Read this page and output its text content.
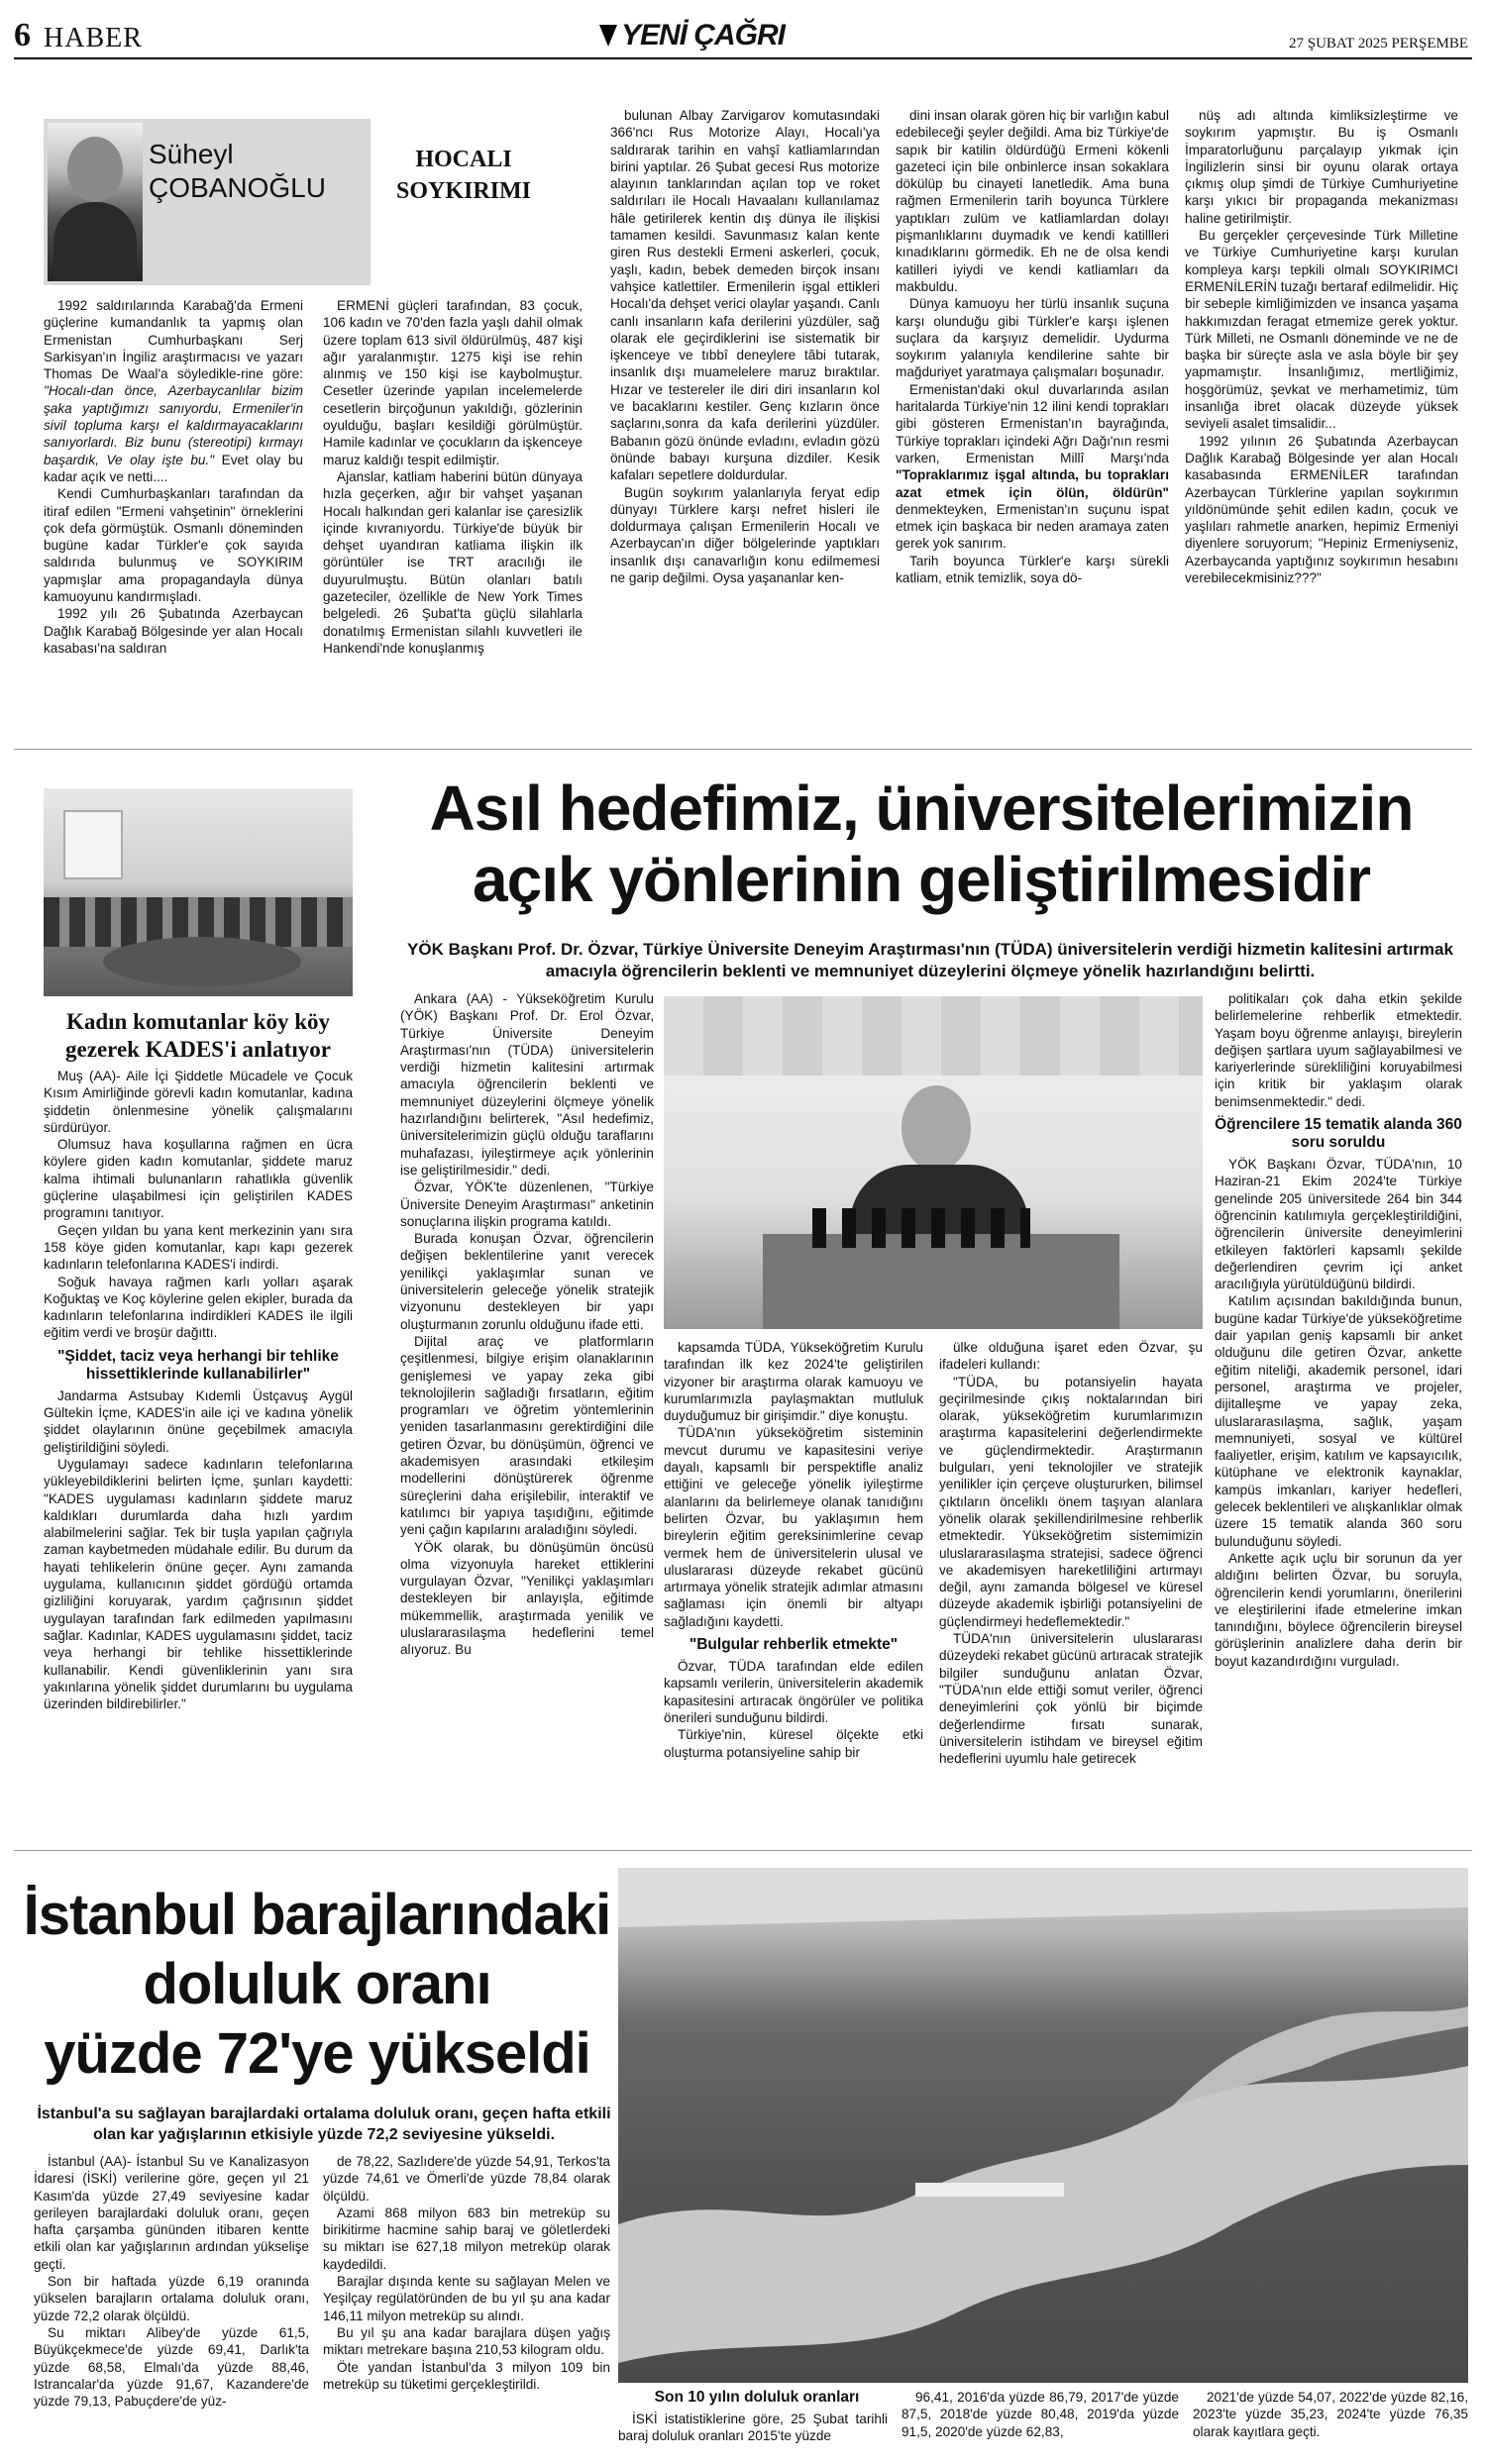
6 HABER	YENİ ÇAĞRI	27 ŞUBAT 2025 PERŞEMBE
Süheyl
ÇOBANOĞLU
HOCALI
SOYKIRIMI

1992 saldırılarında Karabağ'da Ermeni güçlerine kumandanlık ta yapmış olan Ermenistan Cumhurbaşkanı Serj Sarkisyan'ın İngiliz araştırmacısı ve yazarı Thomas De Waal'a söyledikle-rine göre: "Hocalı-dan önce, Azerbaycanlılar bizim şaka yaptığımızı sanıyordu, Ermeniler'in sivil topluma karşı el kaldırmayacaklarını sanıyorlardı. Biz bunu (stereotipi) kırmayı başardık, Ve olay işte bu." Evet olay bu kadar açık ve netti....

Kendi Cumhurbaşkanları tarafından da itiraf edilen "Ermeni vahşetinin" örneklerini çok defa görmüştük. Osmanlı döneminden bugüne kadar Türkler'e çok sayıda saldırıda bulunmuş ve SOYKIRIM yapmışlar ama propagandayla dünya kamuoyunu kandırmışladı.

1992 yılı 26 Şubatında Azerbaycan Dağlık Karabağ Bölgesinde yer alan Hocalı kasabası'na saldıran

ERMENİ güçleri tarafından, 83 çocuk, 106 kadın ve 70'den fazla yaşlı dahil olmak üzere toplam 613 sivil öldürülmüş, 487 kişi ağır yaralanmıştır. 1275 kişi ise rehin alınmış ve 150 kişi ise kaybolmuştur. Cesetler üzerinde yapılan incelemelerde cesetlerin birçoğunun yakıldığı, gözlerinin oyulduğu, başları kesildiği görülmüştür. Hamile kadınlar ve çocukların da işkenceye maruz kaldığı tespit edilmiştir.

Ajanslar, katliam haberini bütün dünyaya hızla geçerken, ağır bir vahşet yaşanan Hocalı halkından geri kalanlar ise çaresizlik içinde kıvranıyordu. Türkiye'de büyük bir dehşet uyandıran katliama ilişkin ilk görüntüler ise TRT aracılığı ile duyurulmuştu. Bütün olanları batılı gazeteciler, özellikle de New York Times belgeledi. 26 Şubat'ta güçlü silahlarla donatılmış Ermenistan silahlı kuvvetleri ile Hankendi'nde konuşlanmış

bulunan Albay Zarvigarov komutasındaki 366'ncı Rus Motorize Alayı, Hocalı'ya saldırarak tarihin en vahşî katliamlarından birini yaptılar. 26 Şubat gecesi Rus motorize alayının tanklarından açılan top ve roket saldırıları ile Hocalı Havaalanı kullanılamaz hâle getirilerek kentin dış dünya ile ilişkisi tamamen kesildi. Savunmasız kalan kente giren Rus destekli Ermeni askerleri, çocuk, yaşlı, kadın, bebek demeden birçok insanı vahşice katlettiler. Ermenilerin işgal ettikleri Hocalı'da dehşet verici olaylar yaşandı. Canlı canlı insanların kafa derilerini yüzdüler, sağ olarak ele geçirdiklerini ise sistematik bir işkenceye ve tıbbî deneylere tâbi tutarak, insanlık dışı muamelelere maruz bıraktılar. Hızar ve testereler ile diri diri insanların kol ve bacaklarını kestiler. Genç kızların önce saçlarını,sonra da kafa derilerini yüzdüler. Babanın gözü önünde evladını, evladın gözü önünde babayı kurşuna dizdiler. Kesik kafaları sepetlere doldurdular.

Bugün soykırım yalanlarıyla feryat edip dünyayı Türklere karşı nefret hisleri ile doldurmaya çalışan Ermenilerin Hocalı ve Azerbaycan'ın diğer bölgelerinde yaptıkları insanlık dışı canavarlığın konu edilmemesi ne garip değilmi. Oysa yaşananlar ken-

dini insan olarak gören hiç bir varlığın kabul edebileceği şeyler değildi. Ama biz Türkiye'de sapık bir katilin öldürdüğü Ermeni kökenli gazeteci için bile onbinlerce insan sokaklara dökülüp bu cinayeti lanetledik. Ama buna rağmen Ermenilerin tarih boyunca Türklere yaptıkları zulüm ve katliamlardan dolayı pişmanlıklarını duymadık ve kendi katillleri kınadıklarını görmedik. Eh ne de olsa kendi katilleri iyiydi ve kendi katliamları da makbuldu.

Dünya kamuoyu her türlü insanlık suçuna karşı olunduğu gibi Türkler'e karşı işlenen suçlara da karşıyız demelidir. Uydurma soykırım yalanıyla kendilerine sahte bir mağduriyet yaratmaya çalışmaları boşunadır.

Ermenistan'daki okul duvarlarında asılan haritalarda Türkiye'nin 12 ilini kendi toprakları gibi gösteren Ermenistan'ın bayrağında, Türkiye toprakları içindeki Ağrı Dağı'nın resmi varken, Ermenistan Millî Marşı'nda "Topraklarımız işgal altında, bu toprakları azat etmek için ölün, öldürün" denmekteyken, Ermenistan'ın suçunu ispat etmek için başkaca bir neden aramaya zaten gerek yok sanırım.

Tarih boyunca Türkler'e karşı sürekli katliam, etnik temizlik, soya dö-

nüş adı altında kimliksizleştirme ve soykırım yapmıştır. Bu iş Osmanlı İmparatorluğunu parçalayıp yıkmak için İngilizlerin sinsi bir oyunu olarak ortaya çıkmış olup şimdi de Türkiye Cumhuriyetine karşı yıkıcı bir propaganda mekanizması haline getirilmiştir.

Bu gerçekler çerçevesinde Türk Milletine ve Türkiye Cumhuriyetine karşı kurulan kompleya karşı tepkili olmalı SOYKIRIMCI ERMENİLERİN tuzağı bertaraf edilmelidir. Hiç bir sebeple kimliğimizden ve insanca yaşama hakkımızdan feragat etmemize gerek yoktur. Türk Milleti, ne Osmanlı döneminde ve ne de başka bir süreçte asla ve asla böyle bir şey yapmamıştır. İnsanlığımız, mertliğimiz, hoşgörümüz, şevkat ve merhametimiz, tüm insanlığa ibret olacak düzeyde yüksek seviyeli asalet timsalidir...

1992 yılının 26 Şubatında Azerbaycan Dağlık Karabağ Bölgesinde yer alan Hocalı kasabasında ERMENİLER tarafından Azerbaycan Türklerine yapılan soykırımın yıldönümünde şehit edilen kadın, çocuk ve yaşlıları rahmetle anarken, hepimiz Ermeniyi diyenlere soruyorum; "Hepiniz Ermeniyseniz, Azerbaycanda yaptığınız soykırımın hesabını verebilecekmisiniz???"

Kadın komutanlar köy köy gezerek KADES'i anlatıyor

Muş (AA)- Aile İçi Şiddetle Mücadele ve Çocuk Kısım Amirliğinde görevli kadın komutanlar, kadına şiddetin önlenmesine yönelik çalışmalarını sürdürüyor.

Olumsuz hava koşullarına rağmen en ücra köylere giden kadın komutanlar, şiddete maruz kalma ihtimali bulunanların rahatlıkla güvenlik güçlerine ulaşabilmesi için geliştirilen KADES programını tanıtıyor.

Geçen yıldan bu yana kent merkezinin yanı sıra 158 köye giden komutanlar, kapı kapı gezerek kadınların telefonlarına KADES'i indirdi.

Soğuk havaya rağmen karlı yolları aşarak Koğuktaş ve Koç köylerine gelen ekipler, burada da kadınların telefonlarına indirdikleri KADES ile ilgili eğitim verdi ve broşür dağıttı.

"Şiddet, taciz veya herhangi bir tehlike hissettiklerinde kullanabilirler"

Jandarma Astsubay Kıdemli Üstçavuş Aygül Gültekin İçme, KADES'in aile içi ve kadına yönelik şiddet olaylarının önüne geçebilmek amacıyla geliştirildiğini söyledi.

Uygulamayı sadece kadınların telefonlarına yükleyebildiklerini belirten İçme, şunları kaydetti: "KADES uygulaması kadınların şiddete maruz kaldıkları durumlarda daha hızlı yardım alabilmelerini sağlar. Tek bir tuşla yapılan çağrıyla zaman kaybetmeden müdahale edilir. Bu durum da hayati tehlikelerin önüne geçer. Aynı zamanda uygulama, kullanıcının şiddet gördüğü ortamda gizliliğini koruyarak, yardım çağrısının şiddet uygulayan tarafından fark edilmeden yapılmasını sağlar. Kadınlar, KADES uygulamasını şiddet, taciz veya herhangi bir tehlike hissettiklerinde kullanabilir. Kendi güvenliklerinin yanı sıra yakınlarına yönelik şiddet durumlarını bu uygulama üzerinden bildirebilirler."

Asıl hedefimiz, üniversitelerimizin
açık yönlerinin geliştirilmesidir
YÖK Başkanı Prof. Dr. Özvar, Türkiye Üniversite Deneyim Araştırması'nın (TÜDA) üniversitelerin verdiği hizmetin kalitesini artırmak amacıyla öğrencilerin beklenti ve memnuniyet düzeylerini ölçmeye yönelik hazırlandığını belirtti.

Ankara (AA) - Yükseköğretim Kurulu (YÖK) Başkanı Prof. Dr. Erol Özvar, Türkiye Üniversite Deneyim Araştırması'nın (TÜDA) üniversitelerin verdiği hizmetin kalitesini artırmak amacıyla öğrencilerin beklenti ve memnuniyet düzeylerini ölçmeye yönelik hazırlandığını belirterek, "Asıl hedefimiz, üniversitelerimizin güçlü olduğu taraflarını muhafazası, iyileştirmeye açık yönlerinin ise geliştirilmesidir." dedi.

Özvar, YÖK'te düzenlenen, "Türkiye Üniversite Deneyim Araştırması" anketinin sonuçlarına ilişkin programa katıldı.

Burada konuşan Özvar, öğrencilerin değişen beklentilerine yanıt verecek yenilikçi yaklaşımlar sunan ve üniversitelerin geleceğe yönelik stratejik vizyonunu destekleyen bir yapı oluşturmanın zorunlu olduğunu ifade etti.

Dijital araç ve platformların çeşitlenmesi, bilgiye erişim olanaklarının genişlemesi ve yapay zeka gibi teknolojilerin sağladığı fırsatların, eğitim programları ve öğretim yöntemlerinin yeniden tasarlanmasını gerektirdiğini dile getiren Özvar, bu dönüşümün, öğrenci ve akademisyen arasındaki etkileşim modellerini dönüştürerek öğrenme süreçlerini daha erişilebilir, interaktif ve katılımcı bir yapıya taşıdığını, eğitimde yeni çağın kapılarını araladığını söyledi.

YÖK olarak, bu dönüşümün öncüsü olma vizyonuyla hareket ettiklerini vurgulayan Özvar, "Yenilikçi yaklaşımları destekleyen bir anlayışla, eğitimde mükemmellik, araştırmada yenilik ve uluslararasılaşma hedeflerini temel alıyoruz. Bu

kapsamda TÜDA, Yükseköğretim Kurulu tarafından ilk kez 2024'te geliştirilen vizyoner bir araştırma olarak kamuoyu ve kurumlarımızla paylaşmaktan mutluluk duyduğumuz bir girişimdir." diye konuştu.

TÜDA'nın yükseköğretim sisteminin mevcut durumu ve kapasitesini veriye dayalı, kapsamlı bir perspektifle analiz ettiğini ve geleceğe yönelik iyileştirme alanlarını da belirlemeye olanak tanıdığını belirten Özvar, bu yaklaşımın hem bireylerin eğitim gereksinimlerine cevap vermek hem de üniversitelerin ulusal ve uluslararası düzeyde rekabet gücünü artırmaya yönelik stratejik adımlar atmasını sağlaması için önemli bir altyapı sağladığını kaydetti.

"Bulgular rehberlik etmekte"

Özvar, TÜDA tarafından elde edilen kapsamlı verilerin, üniversitelerin akademik kapasitesini artıracak öngörüler ve politika önerileri sunduğunu bildirdi.

Türkiye'nin, küresel ölçekte etki oluşturma potansiyeline sahip bir

ülke olduğuna işaret eden Özvar, şu ifadeleri kullandı:

"TÜDA, bu potansiyelin hayata geçirilmesinde çıkış noktalarından biri olarak, yükseköğretim kurumlarımızın araştırma kapasitelerini değerlendirmekte ve güçlendirmektedir. Araştırmanın bulguları, yeni teknolojiler ve stratejik yenilikler için çerçeve oluştururken, bilimsel çıktıların önceliklı önem taşıyan alanlara yönelik olarak şekillendirilmesine rehberlik etmektedir. Yükseköğretim sistemimizin uluslararasılaşma stratejisi, sadece öğrenci ve akademisyen hareketliliğini artırmayı değil, aynı zamanda bölgesel ve küresel düzeyde akademik işbirliği potansiyelini de güçlendirmeyi hedeflemektedir."

TÜDA'nın üniversitelerin uluslararası düzeydeki rekabet gücünü artıracak stratejik bilgiler sunduğunu anlatan Özvar, "TÜDA'nın elde ettiği somut veriler, öğrenci deneyimlerini çok yönlü bir biçimde değerlendirme fırsatı sunarak, üniversitelerin istihdam ve bireysel eğitim hedeflerini uyumlu hale getirecek

politikaları çok daha etkin şekilde belirlemelerine rehberlik etmektedir. Yaşam boyu öğrenme anlayışı, bireylerin değişen şartlara uyum sağlayabilmesi ve kariyerlerinde sürekliliğini koruyabilmesi için kritik bir yaklaşım olarak benimsenmektedir." dedi.

Öğrencilere 15 tematik alanda 360 soru soruldu

YÖK Başkanı Özvar, TÜDA'nın, 10 Haziran-21 Ekim 2024'te Türkiye genelinde 205 üniversitede 264 bin 344 öğrencinin katılımıyla gerçekleştirildiğini, öğrencilerin üniversite deneyimlerini etkileyen faktörleri kapsamlı şekilde değerlendiren çevrim içi anket aracılığıyla yürütüldüğünü bildirdi.

Katılım açısından bakıldığında bunun, bugüne kadar Türkiye'de yükseköğretime dair yapılan geniş kapsamlı bir anket olduğunu dile getiren Özvar, ankette eğitim niteliği, akademik personel, idari personel, araştırma ve projeler, dijitalleşme ve yapay zeka, uluslararasılaşma, sağlık, yaşam memnuniyeti, sosyal ve kültürel faaliyetler, erişim, katılım ve kapsayıcılık, kütüphane ve elektronik kaynaklar, kampüs imkanları, kariyer hedefleri, gelecek beklentileri ve alışkanlıklar olmak üzere 15 tematik alanda 360 soru bulunduğunu söyledi.

Ankette açık uçlu bir sorunun da yer aldığını belirten Özvar, bu soruyla, öğrencilerin kendi yorumlarını, önerilerini ve eleştirilerini ifade etmelerine imkan tanındığını, böylece öğrencilerin bireysel görüşlerinin analizlere daha derin bir boyut kazandırdığını vurguladı.

İstanbul barajlarındaki
doluluk oranı
yüzde 72'ye yükseldi
İstanbul'a su sağlayan barajlardaki ortalama doluluk oranı, geçen hafta etkili olan kar yağışlarının etkisiyle yüzde 72,2 seviyesine yükseldi.

İstanbul (AA)- İstanbul Su ve Kanalizasyon İdaresi (İSKİ) verilerine göre, geçen yıl 21 Kasım'da yüzde 27,49 seviyesine kadar gerileyen barajlardaki doluluk oranı, geçen hafta çarşamba gününden itibaren kentte etkili olan kar yağışlarının ardından yükselişe geçti.

Son bir haftada yüzde 6,19 oranında yükselen barajların ortalama doluluk oranı, yüzde 72,2 olarak ölçüldü.

Su miktarı Alibey'de yüzde 61,5, Büyükçekmece'de yüzde 69,41, Darlık'ta yüzde 68,58, Elmalı'da yüzde 88,46, Istrancalar'da yüzde 91,67, Kazandere'de yüzde 79,13, Pabuçdere'de yüz-

de 78,22, Sazlıdere'de yüzde 54,91, Terkos'ta yüzde 74,61 ve Ömerli'de yüzde 78,84 olarak ölçüldü.

Azami 868 milyon 683 bin metreküp su birikitirme hacmine sahip baraj ve göletlerdeki su miktarı ise 627,18 milyon metreküp olarak kaydedildi.

Barajlar dışında kente su sağlayan Melen ve Yeşilçay regülatöründen de bu yıl şu ana kadar 146,11 milyon metreküp su alındı.

Bu yıl şu ana kadar barajlara düşen yağış miktarı metrekare başına 210,53 kilogram oldu.

Öte yandan İstanbul'da 3 milyon 109 bin metreküp su tüketimi gerçekleştirildi.

Son 10 yılın doluluk oranları

İSKİ istatistiklerine göre, 25 Şubat tarihli baraj doluluk oranları 2015'te yüzde

96,41, 2016'da yüzde 86,79, 2017'de yüzde 87,5, 2018'de yüzde 80,48, 2019'da yüzde 91,5, 2020'de yüzde 62,83,

2021'de yüzde 54,07, 2022'de yüzde 82,16, 2023'te yüzde 35,23, 2024'te yüzde 76,35 olarak kayıtlara geçti.
